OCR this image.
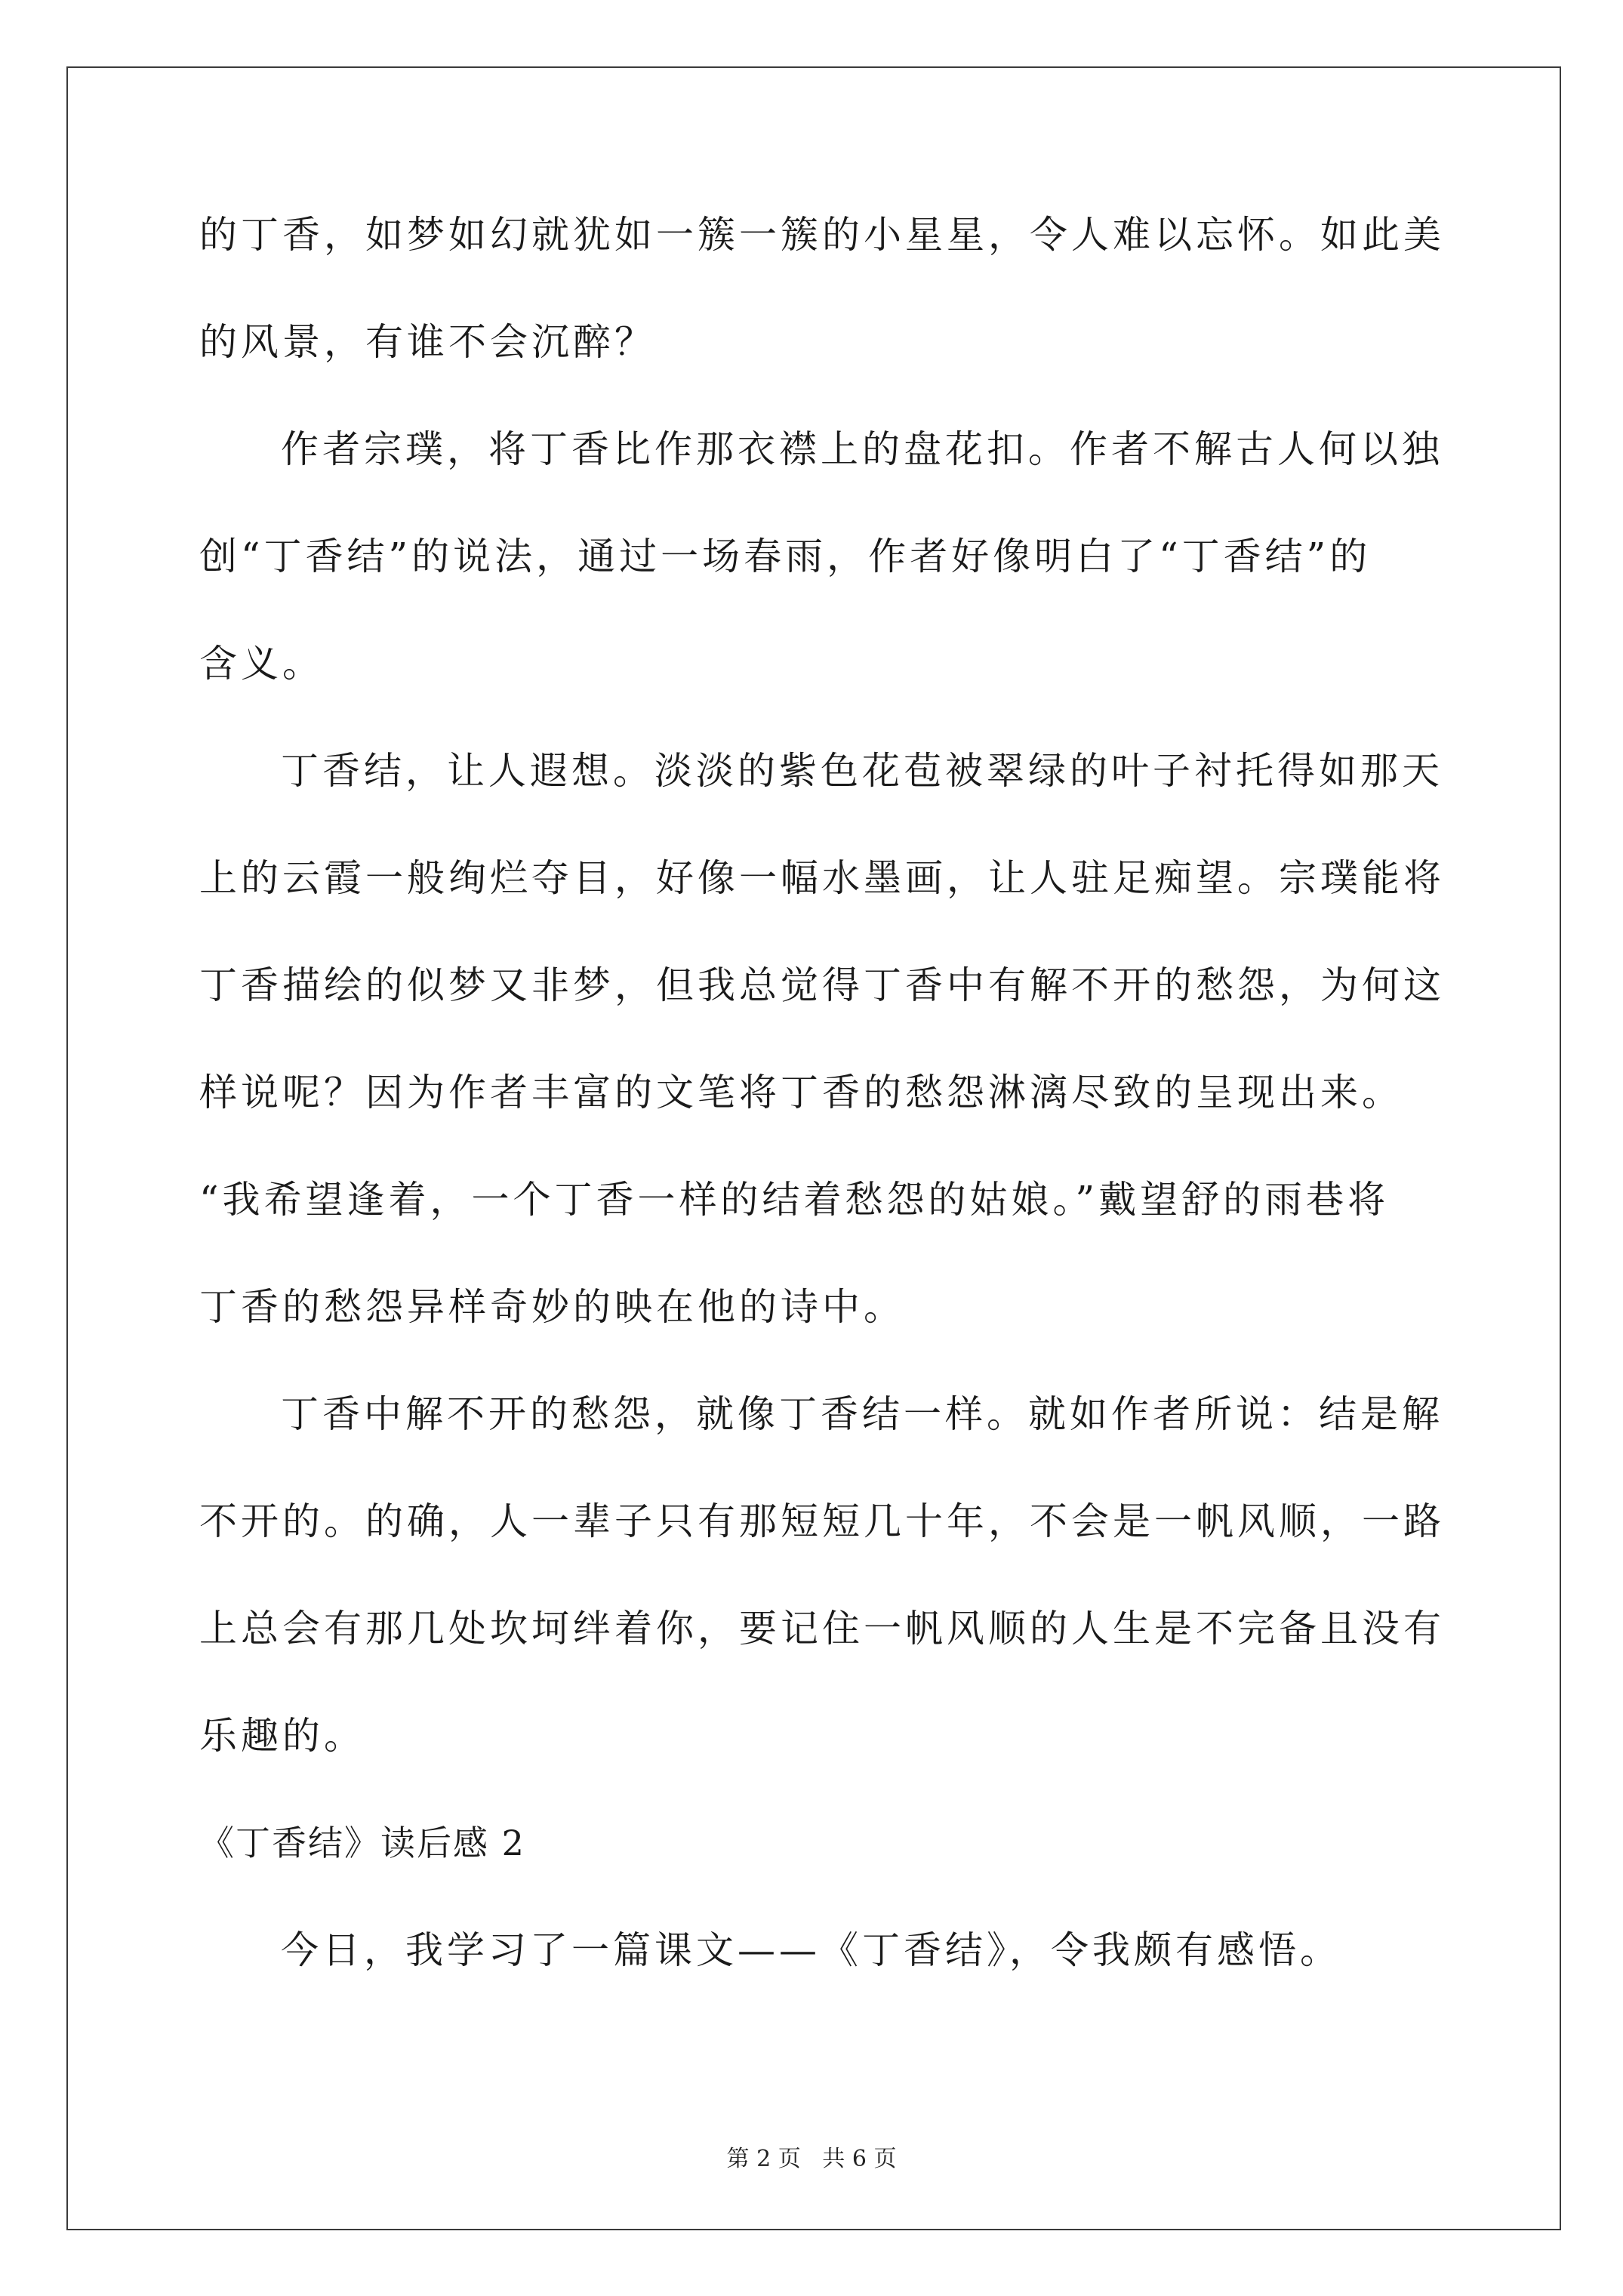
的丁香，如梦如幻就犹如一簇一簇的小星星，令人难以忘怀。如此美
的风景，有谁不会沉醉？
作者宗璞，将丁香比作那衣襟上的盘花扣。作者不解古人何以独
创“丁香结”的说法，通过一场春雨，作者好像明白了“丁香结”的
含义。
丁香结，让人遐想。淡淡的紫色花苞被翠绿的叶子衬托得如那天
上的云霞一般绚烂夺目，好像一幅水墨画，让人驻足痴望。宗璞能将
丁香描绘的似梦又非梦，但我总觉得丁香中有解不开的愁怨，为何这
样说呢？因为作者丰富的文笔将丁香的愁怨淋漓尽致的呈现出来。
“我希望逢着，一个丁香一样的结着愁怨的姑娘。”戴望舒的雨巷将
丁香的愁怨异样奇妙的映在他的诗中。
丁香中解不开的愁怨，就像丁香结一样。就如作者所说：结是解
不开的。的确，人一辈子只有那短短几十年，不会是一帆风顺，一路
上总会有那几处坎坷绊着你，要记住一帆风顺的人生是不完备且没有
乐趣的。
《丁香结》读后感 2
今日，我学习了一篇课文——《丁香结》，令我颇有感悟。
第 2 页   共 6 页
